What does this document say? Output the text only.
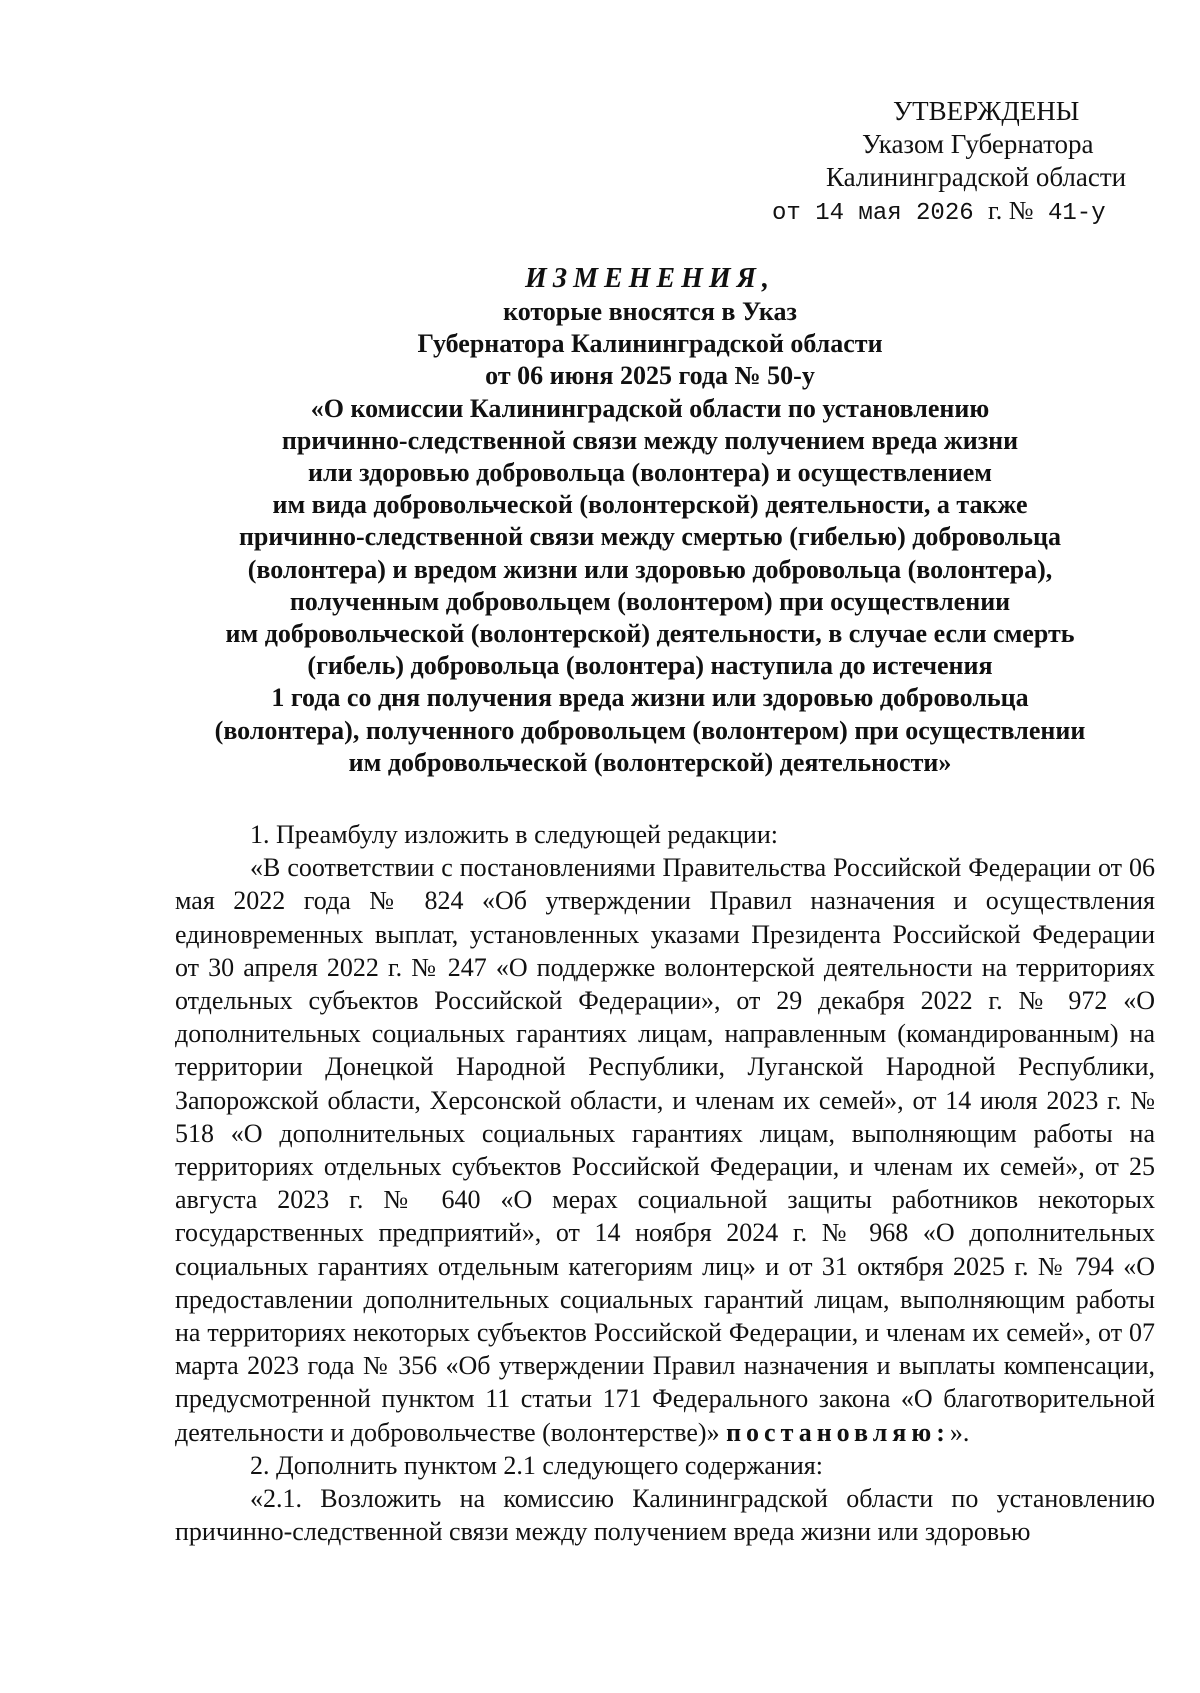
УТВЕРЖДЕНЫ
Указом Губернатора
Калининградской области
от 14 мая 2026 г. № 41-у
ИЗМЕНЕНИЯ,
которые вносятся в Указ
Губернатора Калининградской области
от 06 июня 2025 года № 50-у
«О комиссии Калининградской области по установлению
причинно-следственной связи между получением вреда жизни
или здоровью добровольца (волонтера) и осуществлением
им вида добровольческой (волонтерской) деятельности, а также
причинно-следственной связи между смертью (гибелью) добровольца
(волонтера) и вредом жизни или здоровью добровольца (волонтера),
полученным добровольцем (волонтером) при осуществлении
им добровольческой (волонтерской) деятельности, в случае если смерть
(гибель) добровольца (волонтера) наступила до истечения
1 года со дня получения вреда жизни или здоровью добровольца
(волонтера), полученного добровольцем (волонтером) при осуществлении
им добровольческой (волонтерской) деятельности»

1. Преамбулу изложить в следующей редакции:

«В соответствии с постановлениями Правительства Российской Федерации от 06 мая 2022 года № 824 «Об утверждении Правил назначения и осуществления единовременных выплат, установленных указами Президента Российской Федерации от 30 апреля 2022 г. № 247 «О поддержке волонтерской деятельности на территориях отдельных субъектов Российской Федерации», от 29 декабря 2022 г. № 972 «О дополнительных социальных гарантиях лицам, направленным (командированным) на территории Донецкой Народной Республики, Луганской Народной Республики, Запорожской области, Херсонской области, и членам их семей», от 14 июля 2023 г. № 518 «О дополнительных социальных гарантиях лицам, выполняющим работы на территориях отдельных субъектов Российской Федерации, и членам их семей», от 25 августа 2023 г. № 640 «О мерах социальной защиты работников некоторых государственных предприятий», от 14 ноября 2024 г. № 968 «О дополнительных социальных гарантиях отдельным категориям лиц» и от 31 октября 2025 г. № 794 «О предоставлении дополнительных социальных гарантий лицам, выполняющим работы на территориях некоторых субъектов Российской Федерации, и членам их семей», от 07 марта 2023 года № 356 «Об утверждении Правил назначения и выплаты компенсации, предусмотренной пунктом 11 статьи 171 Федерального закона «О благотворительной деятельности и добровольчестве (волонтерстве)» постановляю:».

2. Дополнить пунктом 2.1 следующего содержания:

«2.1. Возложить на комиссию Калининградской области по установлению причинно-следственной связи между получением вреда жизни или здоровью
